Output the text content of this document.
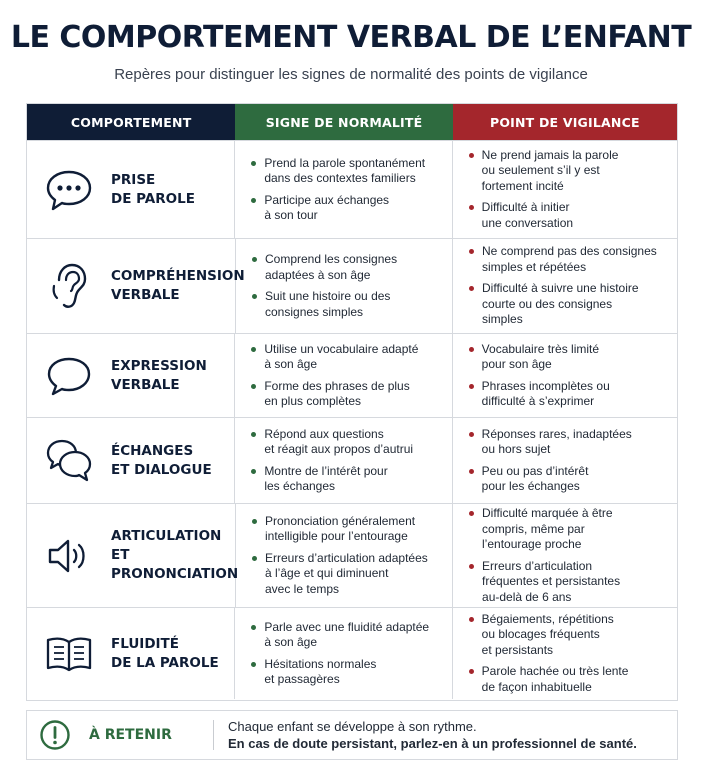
LE COMPORTEMENT VERBAL DE L’ENFANT
Repères pour distinguer les signes de normalité des points de vigilance
COMPORTEMENT	SIGNE DE NORMALITÉ	POINT DE VIGILANCE
PRISE
DE PAROLE
Prend la parole spontanément
dans des contextes familiers
Participe aux échanges
à son tour
Ne prend jamais la parole
ou seulement s’il y est
fortement incité
Difficulté à initier
une conversation
COMPRÉHENSION
VERBALE
Comprend les consignes
adaptées à son âge
Suit une histoire ou des
consignes simples
Ne comprend pas des consignes
simples et répétées
Difficulté à suivre une histoire
courte ou des consignes
simples
EXPRESSION
VERBALE
Utilise un vocabulaire adapté
à son âge
Forme des phrases de plus
en plus complètes
Vocabulaire très limité
pour son âge
Phrases incomplètes ou
difficulté à s’exprimer
ÉCHANGES
ET DIALOGUE
Répond aux questions
et réagit aux propos d’autrui
Montre de l’intérêt pour
les échanges
Réponses rares, inadaptées
ou hors sujet
Peu ou pas d’intérêt
pour les échanges
ARTICULATION
ET PRONONCIATION
Prononciation généralement
intelligible pour l’entourage
Erreurs d’articulation adaptées
à l’âge et qui diminuent
avec le temps
Difficulté marquée à être
compris, même par
l’entourage proche
Erreurs d’articulation
fréquentes et persistantes
au-delà de 6 ans
FLUIDITÉ
DE LA PAROLE
Parle avec une fluidité adaptée
à son âge
Hésitations normales
et passagères
Bégaiements, répétitions
ou blocages fréquents
et persistants
Parole hachée ou très lente
de façon inhabituelle
À RETENIR
Chaque enfant se développe à son rythme.
En cas de doute persistant, parlez-en à un professionnel de santé.
